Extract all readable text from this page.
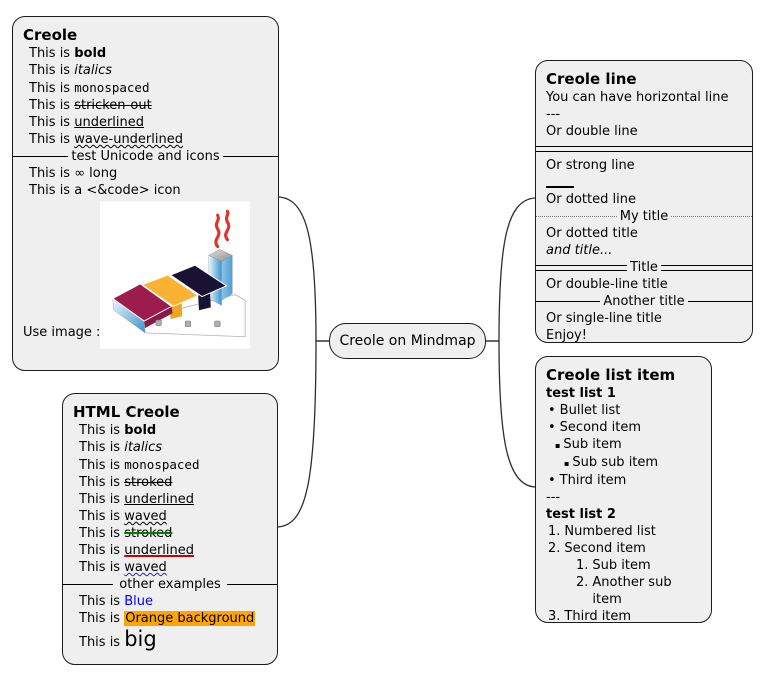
Creole
This is bold
This is italics
This is monospaced
This is stricken-out
This is underlined
This is wave-underlined
test Unicode and icons
This is ∞ long
This is a <&code> icon
Use image :
HTML Creole
This is bold
This is italics
This is monospaced
This is stroked
This is underlined
This is waved
This is stroked
This is underlined
This is waved
other examples
This is Blue
This is Orange background
This is big
Creole on Mindmap
Creole line
You can have horizontal line
---
Or double line
Or strong line
Or dotted line
My title
Or dotted title
and title...
Title
Or double-line title
Another title
Or single-line title
Enjoy!
Creole list item
test list 1
• Bullet list
• Second item
▪ Sub item
▪ Sub sub item
• Third item
---
test list 2
1. Numbered list
2. Second item
1. Sub item
2. Another sub item
3. Third item
